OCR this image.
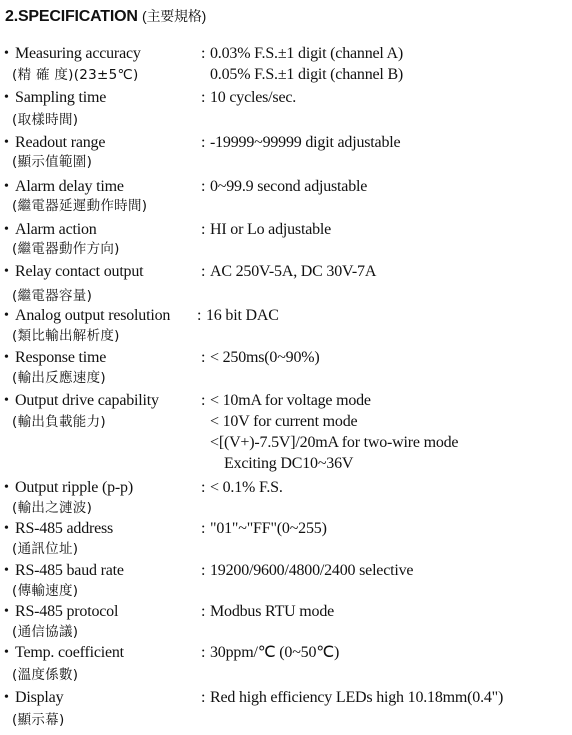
2.SPECIFICATION (主要規格)
• Measuring accuracy
(精 確 度)(23±5℃)
: 0.03% F.S.±1 digit (channel A)
0.05% F.S.±1 digit (channel B)
• Sampling time
(取樣時間)
: 10 cycles/sec.
• Readout range
(顯示值範圍)
: -19999~99999 digit adjustable
• Alarm delay time
(繼電器延遲動作時間)
: 0~99.9 second adjustable
• Alarm action
(繼電器動作方向)
: HI or Lo adjustable
• Relay contact output
(繼電器容量)
: AC 250V-5A, DC 30V-7A
• Analog output resolution
(類比輸出解析度)
: 16 bit DAC
• Response time
(輸出反應速度)
: < 250ms(0~90%)
• Output drive capability
(輸出負載能力)
: < 10mA for voltage mode
< 10V for current mode
<[(V+)-7.5V]/20mA for two-wire mode
Exciting DC10~36V
• Output ripple (p-p)
(輸出之漣波)
: < 0.1% F.S.
• RS-485 address
(通訊位址)
: "01"~"FF"(0~255)
• RS-485 baud rate
(傳輸速度)
: 19200/9600/4800/2400 selective
• RS-485 protocol
(通信協議)
: Modbus RTU mode
• Temp. coefficient
(溫度係數)
: 30ppm/℃ (0~50℃)
• Display
(顯示幕)
: Red high efficiency LEDs high 10.18mm(0.4")
